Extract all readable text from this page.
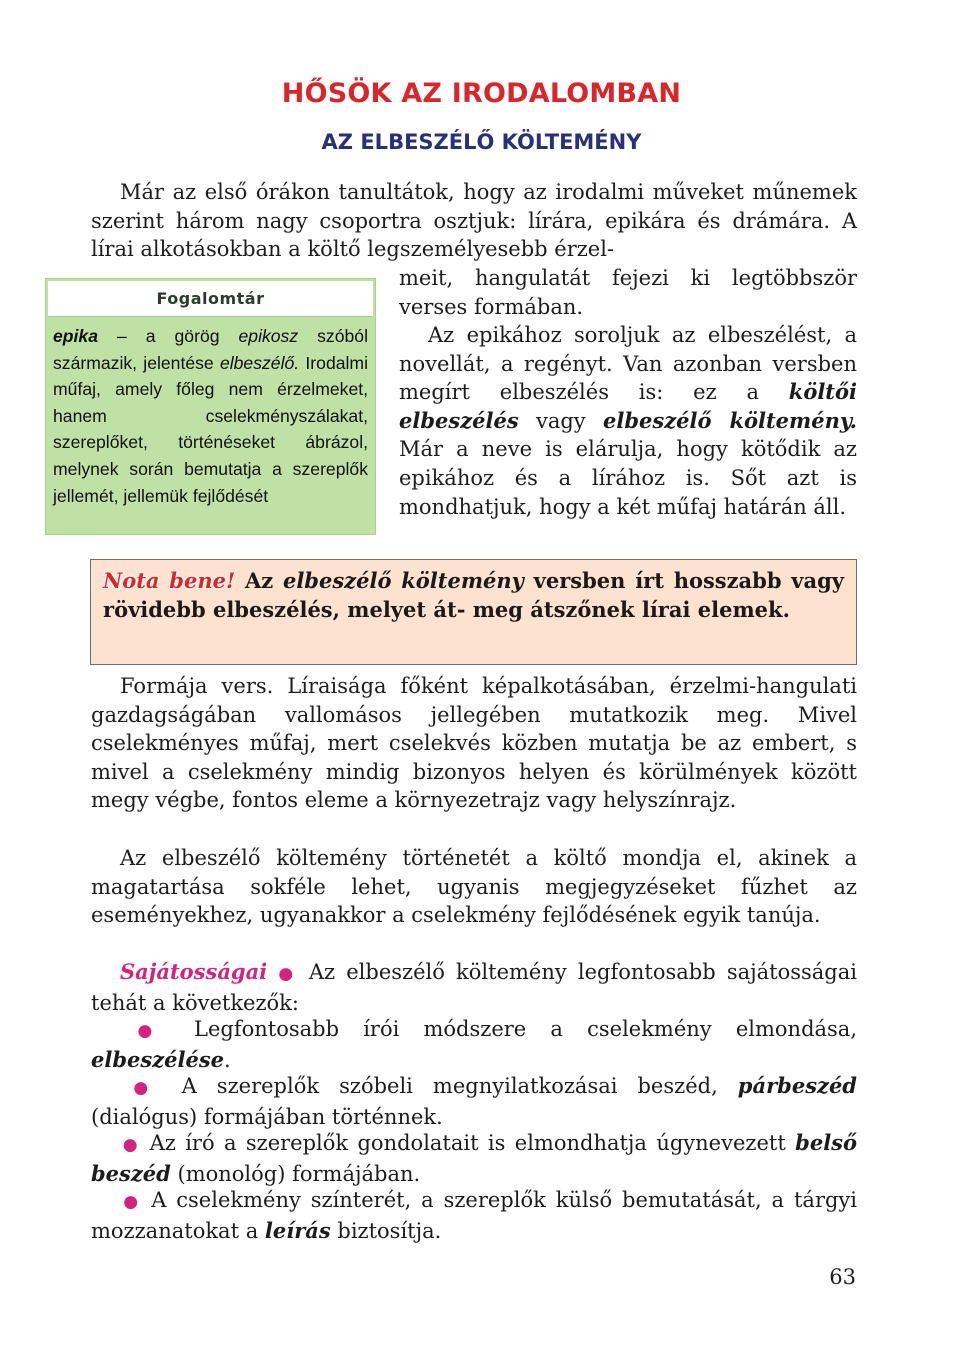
HŐSÖK AZ IRODALOMBAN
AZ ELBESZÉLŐ KÖLTEMÉNY

Már az első órákon tanultátok, hogy az irodalmi műveket műnemek szerint három nagy csoportra osztjuk: lírára, epikára és drámára. A lírai alkotásokban a költő legszemélyesebb érzel-

meit, hangulatát fejezi ki legtöbbször verses formában.

Az epikához soroljuk az elbeszélést, a novellát, a regényt. Van azonban versben megírt elbeszélés is: ez a költői elbeszélés vagy elbeszélő költemény. Már a neve is elárulja, hogy kötődik az epikához és a lírához is. Sőt azt is mondhatjuk, hogy a két műfaj határán áll.

Fogalomtár
epika – a görög epikosz szóból származik, jelentése elbeszélő. Irodalmi műfaj, amely főleg nem érzelmeket, hanem cselekményszálakat, szereplőket, történéseket ábrázol, melynek során bemutatja a szereplők jellemét, jellemük fejlődését
Nota bene! Az elbeszélő költemény versben írt hosszabb vagy rövidebb elbeszélés, melyet át- meg átszőnek lírai elemek.

Formája vers. Líraisága főként képalkotásában, érzelmi-hangulati gazdagságában vallomásos jellegében mutatkozik meg. Mivel cselekményes műfaj, mert cselekvés közben mutatja be az embert, s mivel a cselekmény mindig bizonyos helyen és körülmények között megy végbe, fontos eleme a környezetrajz vagy helyszínrajz.

Az elbeszélő költemény történetét a költő mondja el, akinek a magatartása sokféle lehet, ugyanis megjegyzéseket fűzhet az eseményekhez, ugyanakkor a cselekmény fejlődésének egyik tanúja.

Sajátosságai ● Az elbeszélő költemény legfontosabb sajátosságai tehát a következők:

● Legfontosabb írói módszere a cselekmény elmondása, elbeszélése.

● A szereplők szóbeli megnyilatkozásai beszéd, párbeszéd (dialógus) formájában történnek.

● Az író a szereplők gondolatait is elmondhatja úgynevezett belső beszéd (monológ) formájában.

● A cselekmény színterét, a szereplők külső bemutatását, a tárgyi mozzanatokat a leírás biztosítja.

63
